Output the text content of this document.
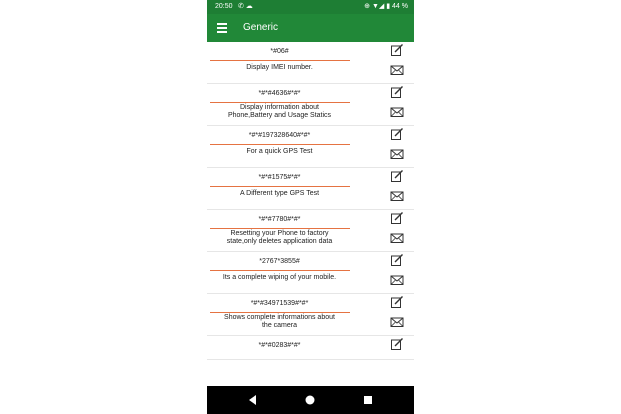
20:50 ✆ ☁	⊕ ▼◢ ▮ 44 %
Generic
*#06#
Display IMEI number.
*#*#4636#*#*
Display information about
Phone,Battery and Usage Statics
*#*#197328640#*#*
For a quick GPS Test
*#*#1575#*#*
A Different type GPS Test
*#*#7780#*#*
Resetting your Phone to factory
state,only deletes application data
*2767*3855#
Its a complete wiping of your mobile.
*#*#34971539#*#*
Shows complete informations about
the camera
*#*#0283#*#*
